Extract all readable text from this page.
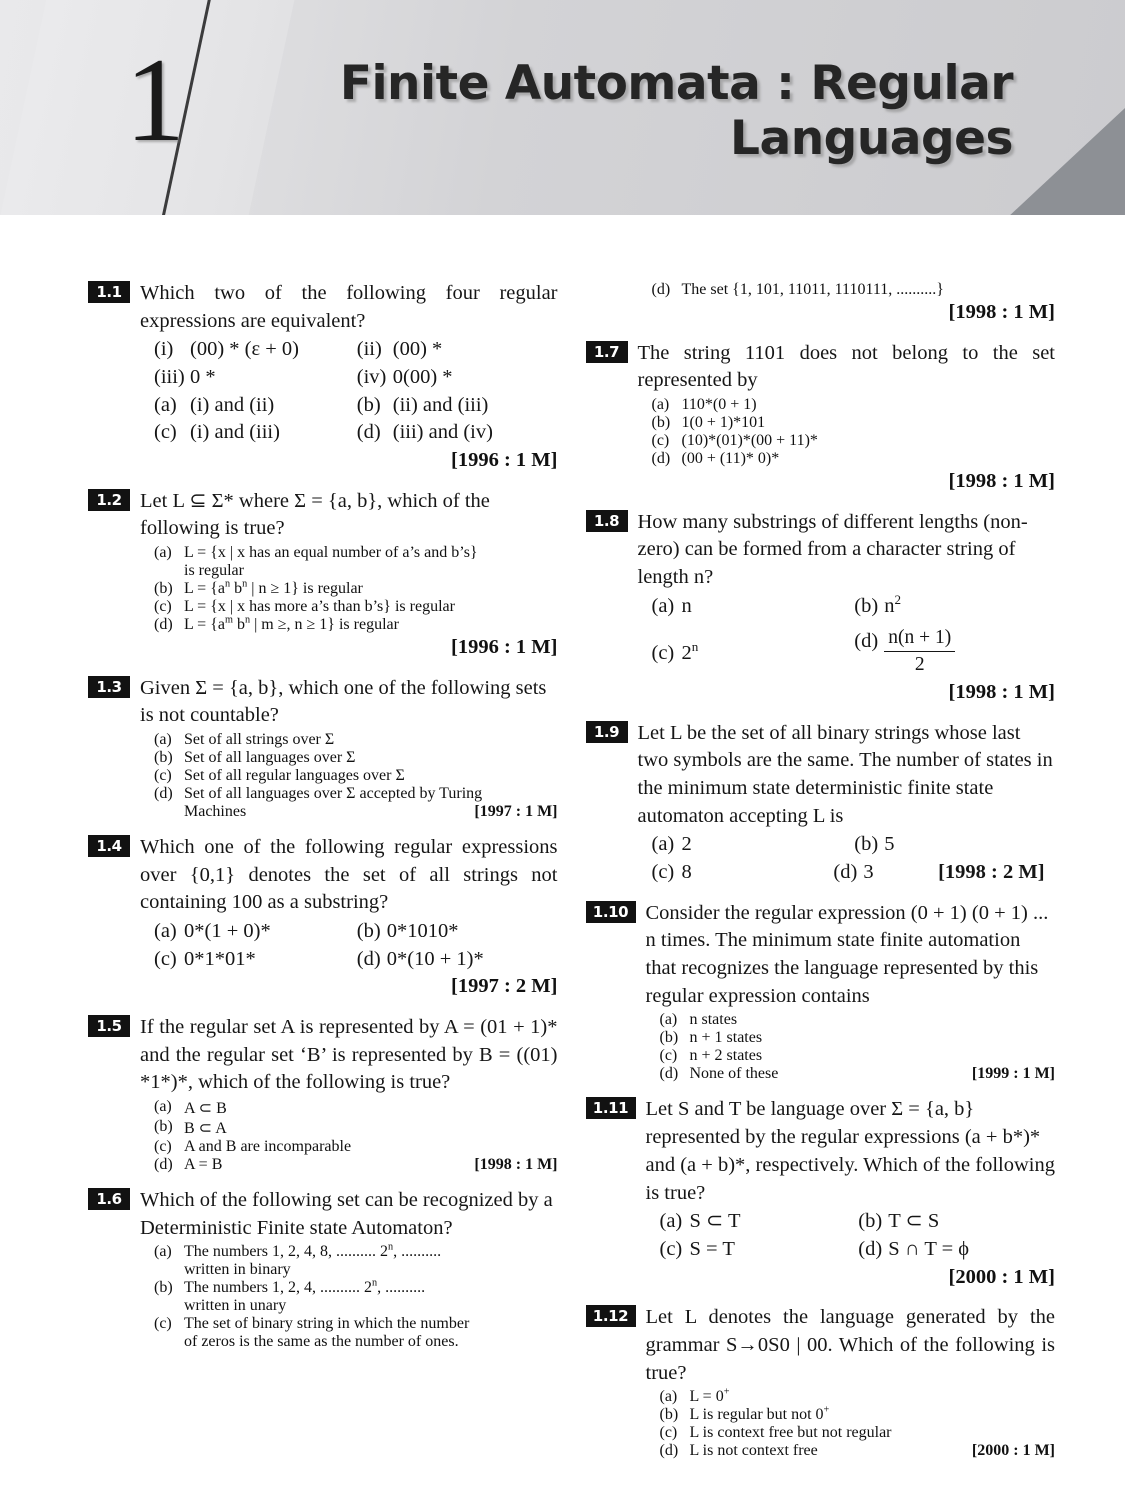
1	Finite Automata : Regular
Languages
1.1 Which two of the following four regular expressions are equivalent?
(i) (00) * (ε + 0)	(ii) (00) *
(iii) 0 *	(iv) 0(00) *
(a) (i) and (ii)	(b) (ii) and (iii)
(c) (i) and (iii)	(d) (iii) and (iv)
[1996 : 1 M]
1.2 Let L ⊆ Σ* where Σ = {a, b}, which of the following is true?
(a) L = {x | x has an equal number of a’s and b’s}
is regular
(b) $L = \{a^n$ $b^n$ | n ≥ 1} is regular
(c) L = {x | x has more a’s than b’s} is regular
(d) $L = \{a^m$ $b^n$ | m ≥, n ≥ 1} is regular
[1996 : 1 M]
1.3 Given Σ = {a, b}, which one of the following sets is not countable?
(a) Set of all strings over Σ
(b) Set of all languages over Σ
(c) Set of all regular languages over Σ
(d) Set of all languages over Σ accepted by Turing

Machines	[1997 : 1 M]
1.4 Which one of the following regular expressions over {0,1} denotes the set of all strings not containing 100 as a substring?
(a) 0*(1 + 0)*	(b) 0*1010*
(c) 0*1*01*	(d) 0*(10 + 1)*
[1997 : 2 M]
1.5 If the regular set A is represented by A = (01 + 1)* and the regular set ‘B’ is represented by B = ((01) *1*)*, which of the following is true?
(a) A ⊂ B
(b) B ⊂ A
(c) A and B are incomparable
(d) A = B	[1998 : 1 M]
1.6 Which of the following set can be recognized by a Deterministic Finite state Automaton?
(a) The numbers 1, 2, 4, 8, .......... 2$^n$, ..........
written in binary
(b) The numbers 1, 2, 4, .......... 2$^n$, ..........
written in unary
(c) The set of binary string in which the number
of zeros is the same as the number of ones.
(d) The set {1, 101, 11011, 1110111, ..........}
[1998 : 1 M]
1.7 The string 1101 does not belong to the set represented by
(a) 110*(0 + 1)
(b) 1(0 + 1)*101
(c) (10)*(01)*(00 + 11)*
(d) (00 + (11)* 0)*
[1998 : 1 M]
1.8 How many substrings of different lengths (non-zero) can be formed from a character string of length n?
(a) n	(b) $n^2$
(c) 2$^n$	$(d) \frac{n(n + 1)}{2}$
[1998 : 1 M]
1.9 Let L be the set of all binary strings whose last two symbols are the same. The number of states in the minimum state deterministic finite state automaton accepting L is
(a) 2	(b) 5
(c) 8	(d) 3	[1998 : 2 M]
1.10 Consider the regular expression (0 + 1) (0 + 1) ... n times. The minimum state finite automation that recognizes the language represented by this regular expression contains
(a) n states
(b) n + 1 states
(c) n + 2 states
(d) None of these	[1999 : 1 M]
1.11 Let S and T be language over Σ = {a, b} represented by the regular expressions (a + b*)* and (a + b)*, respectively. Which of the following is true?
(a) S ⊂ T	(b) T ⊂ S
(c) S = T	(d) S ∩ T = ϕ
[2000 : 1 M]
1.12 Let L denotes the language generated by the grammar S→0S0 | 00. Which of the following is true?
(a) L = 0+
(b) L is regular but not 0+
(c) L is context free but not regular
(d) L is not context free	[2000 : 1 M]
